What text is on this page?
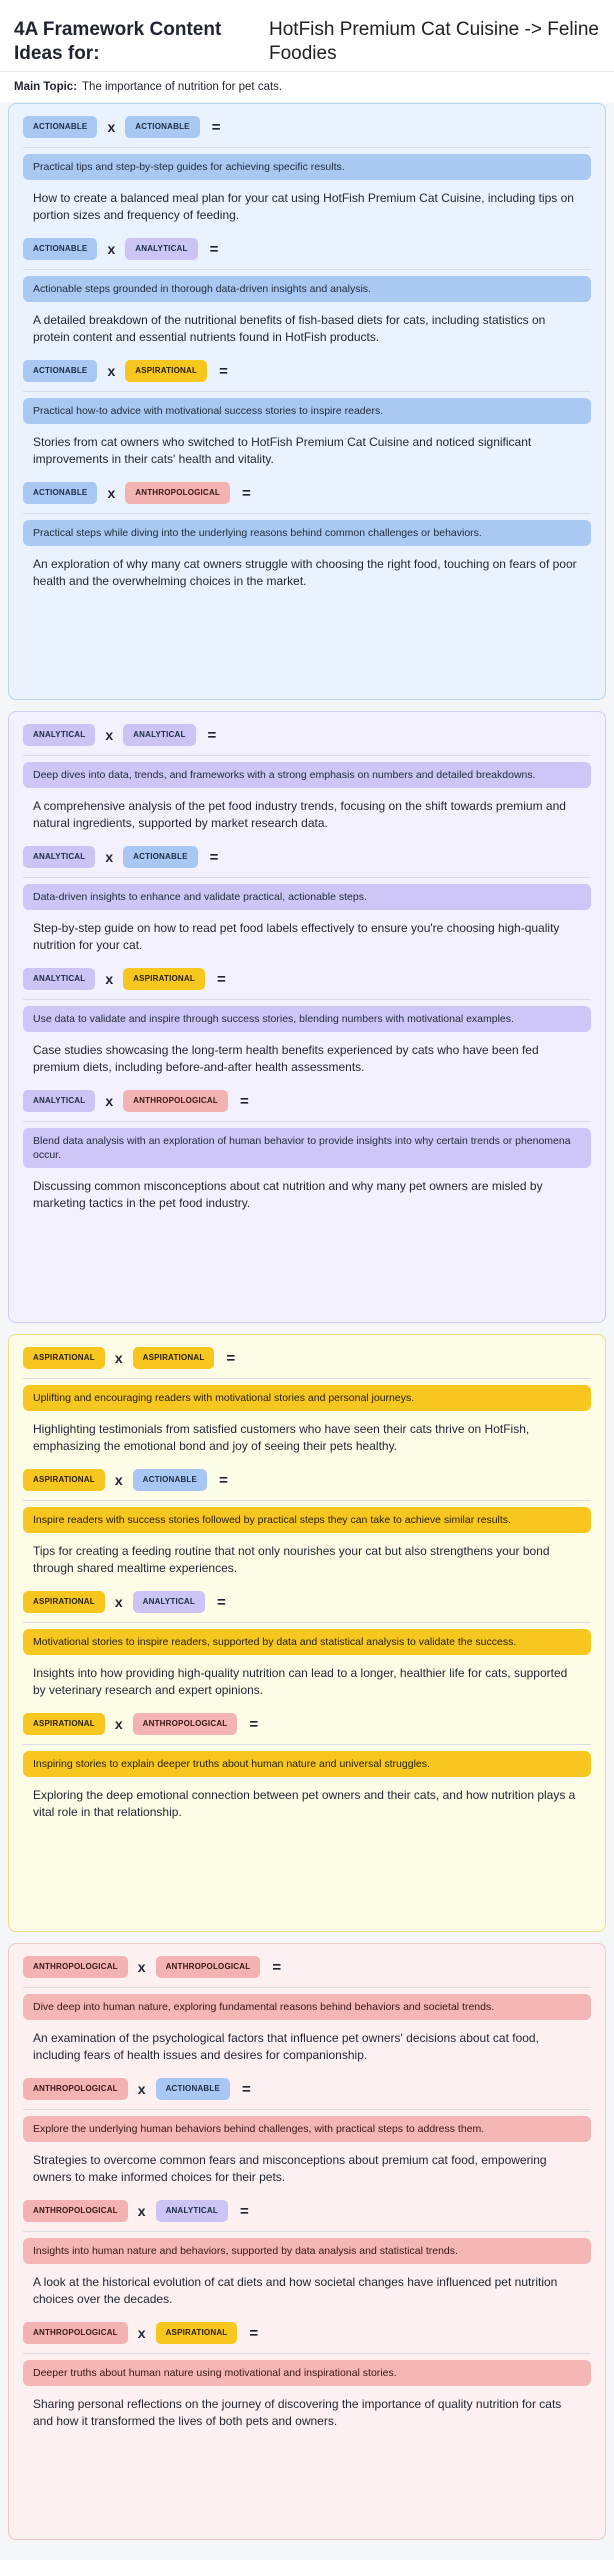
4A Framework Content Ideas for:
HotFish Premium Cat Cuisine -> Feline Foodies
Main Topic: The importance of nutrition for pet cats.
ACTIONABLE	x	ACTIONABLE	=
Practical tips and step-by-step guides for achieving specific results.
How to create a balanced meal plan for your cat using HotFish Premium Cat Cuisine, including tips on portion sizes and frequency of feeding.
ACTIONABLE	x	ANALYTICAL	=
Actionable steps grounded in thorough data-driven insights and analysis.
A detailed breakdown of the nutritional benefits of fish-based diets for cats, including statistics on protein content and essential nutrients found in HotFish products.
ACTIONABLE	x	ASPIRATIONAL	=
Practical how-to advice with motivational success stories to inspire readers.
Stories from cat owners who switched to HotFish Premium Cat Cuisine and noticed significant improvements in their cats' health and vitality.
ACTIONABLE	x	ANTHROPOLOGICAL	=
Practical steps while diving into the underlying reasons behind common challenges or behaviors.
An exploration of why many cat owners struggle with choosing the right food, touching on fears of poor health and the overwhelming choices in the market.
ANALYTICAL	x	ANALYTICAL	=
Deep dives into data, trends, and frameworks with a strong emphasis on numbers and detailed breakdowns.
A comprehensive analysis of the pet food industry trends, focusing on the shift towards premium and natural ingredients, supported by market research data.
ANALYTICAL	x	ACTIONABLE	=
Data-driven insights to enhance and validate practical, actionable steps.
Step-by-step guide on how to read pet food labels effectively to ensure you're choosing high-quality nutrition for your cat.
ANALYTICAL	x	ASPIRATIONAL	=
Use data to validate and inspire through success stories, blending numbers with motivational examples.
Case studies showcasing the long-term health benefits experienced by cats who have been fed premium diets, including before-and-after health assessments.
ANALYTICAL	x	ANTHROPOLOGICAL	=
Blend data analysis with an exploration of human behavior to provide insights into why certain trends or phenomena occur.
Discussing common misconceptions about cat nutrition and why many pet owners are misled by marketing tactics in the pet food industry.
ASPIRATIONAL	x	ASPIRATIONAL	=
Uplifting and encouraging readers with motivational stories and personal journeys.
Highlighting testimonials from satisfied customers who have seen their cats thrive on HotFish, emphasizing the emotional bond and joy of seeing their pets healthy.
ASPIRATIONAL	x	ACTIONABLE	=
Inspire readers with success stories followed by practical steps they can take to achieve similar results.
Tips for creating a feeding routine that not only nourishes your cat but also strengthens your bond through shared mealtime experiences.
ASPIRATIONAL	x	ANALYTICAL	=
Motivational stories to inspire readers, supported by data and statistical analysis to validate the success.
Insights into how providing high-quality nutrition can lead to a longer, healthier life for cats, supported by veterinary research and expert opinions.
ASPIRATIONAL	x	ANTHROPOLOGICAL	=
Inspiring stories to explain deeper truths about human nature and universal struggles.
Exploring the deep emotional connection between pet owners and their cats, and how nutrition plays a vital role in that relationship.
ANTHROPOLOGICAL	x	ANTHROPOLOGICAL	=
Dive deep into human nature, exploring fundamental reasons behind behaviors and societal trends.
An examination of the psychological factors that influence pet owners' decisions about cat food, including fears of health issues and desires for companionship.
ANTHROPOLOGICAL	x	ACTIONABLE	=
Explore the underlying human behaviors behind challenges, with practical steps to address them.
Strategies to overcome common fears and misconceptions about premium cat food, empowering owners to make informed choices for their pets.
ANTHROPOLOGICAL	x	ANALYTICAL	=
Insights into human nature and behaviors, supported by data analysis and statistical trends.
A look at the historical evolution of cat diets and how societal changes have influenced pet nutrition choices over the decades.
ANTHROPOLOGICAL	x	ASPIRATIONAL	=
Deeper truths about human nature using motivational and inspirational stories.
Sharing personal reflections on the journey of discovering the importance of quality nutrition for cats and how it transformed the lives of both pets and owners.
